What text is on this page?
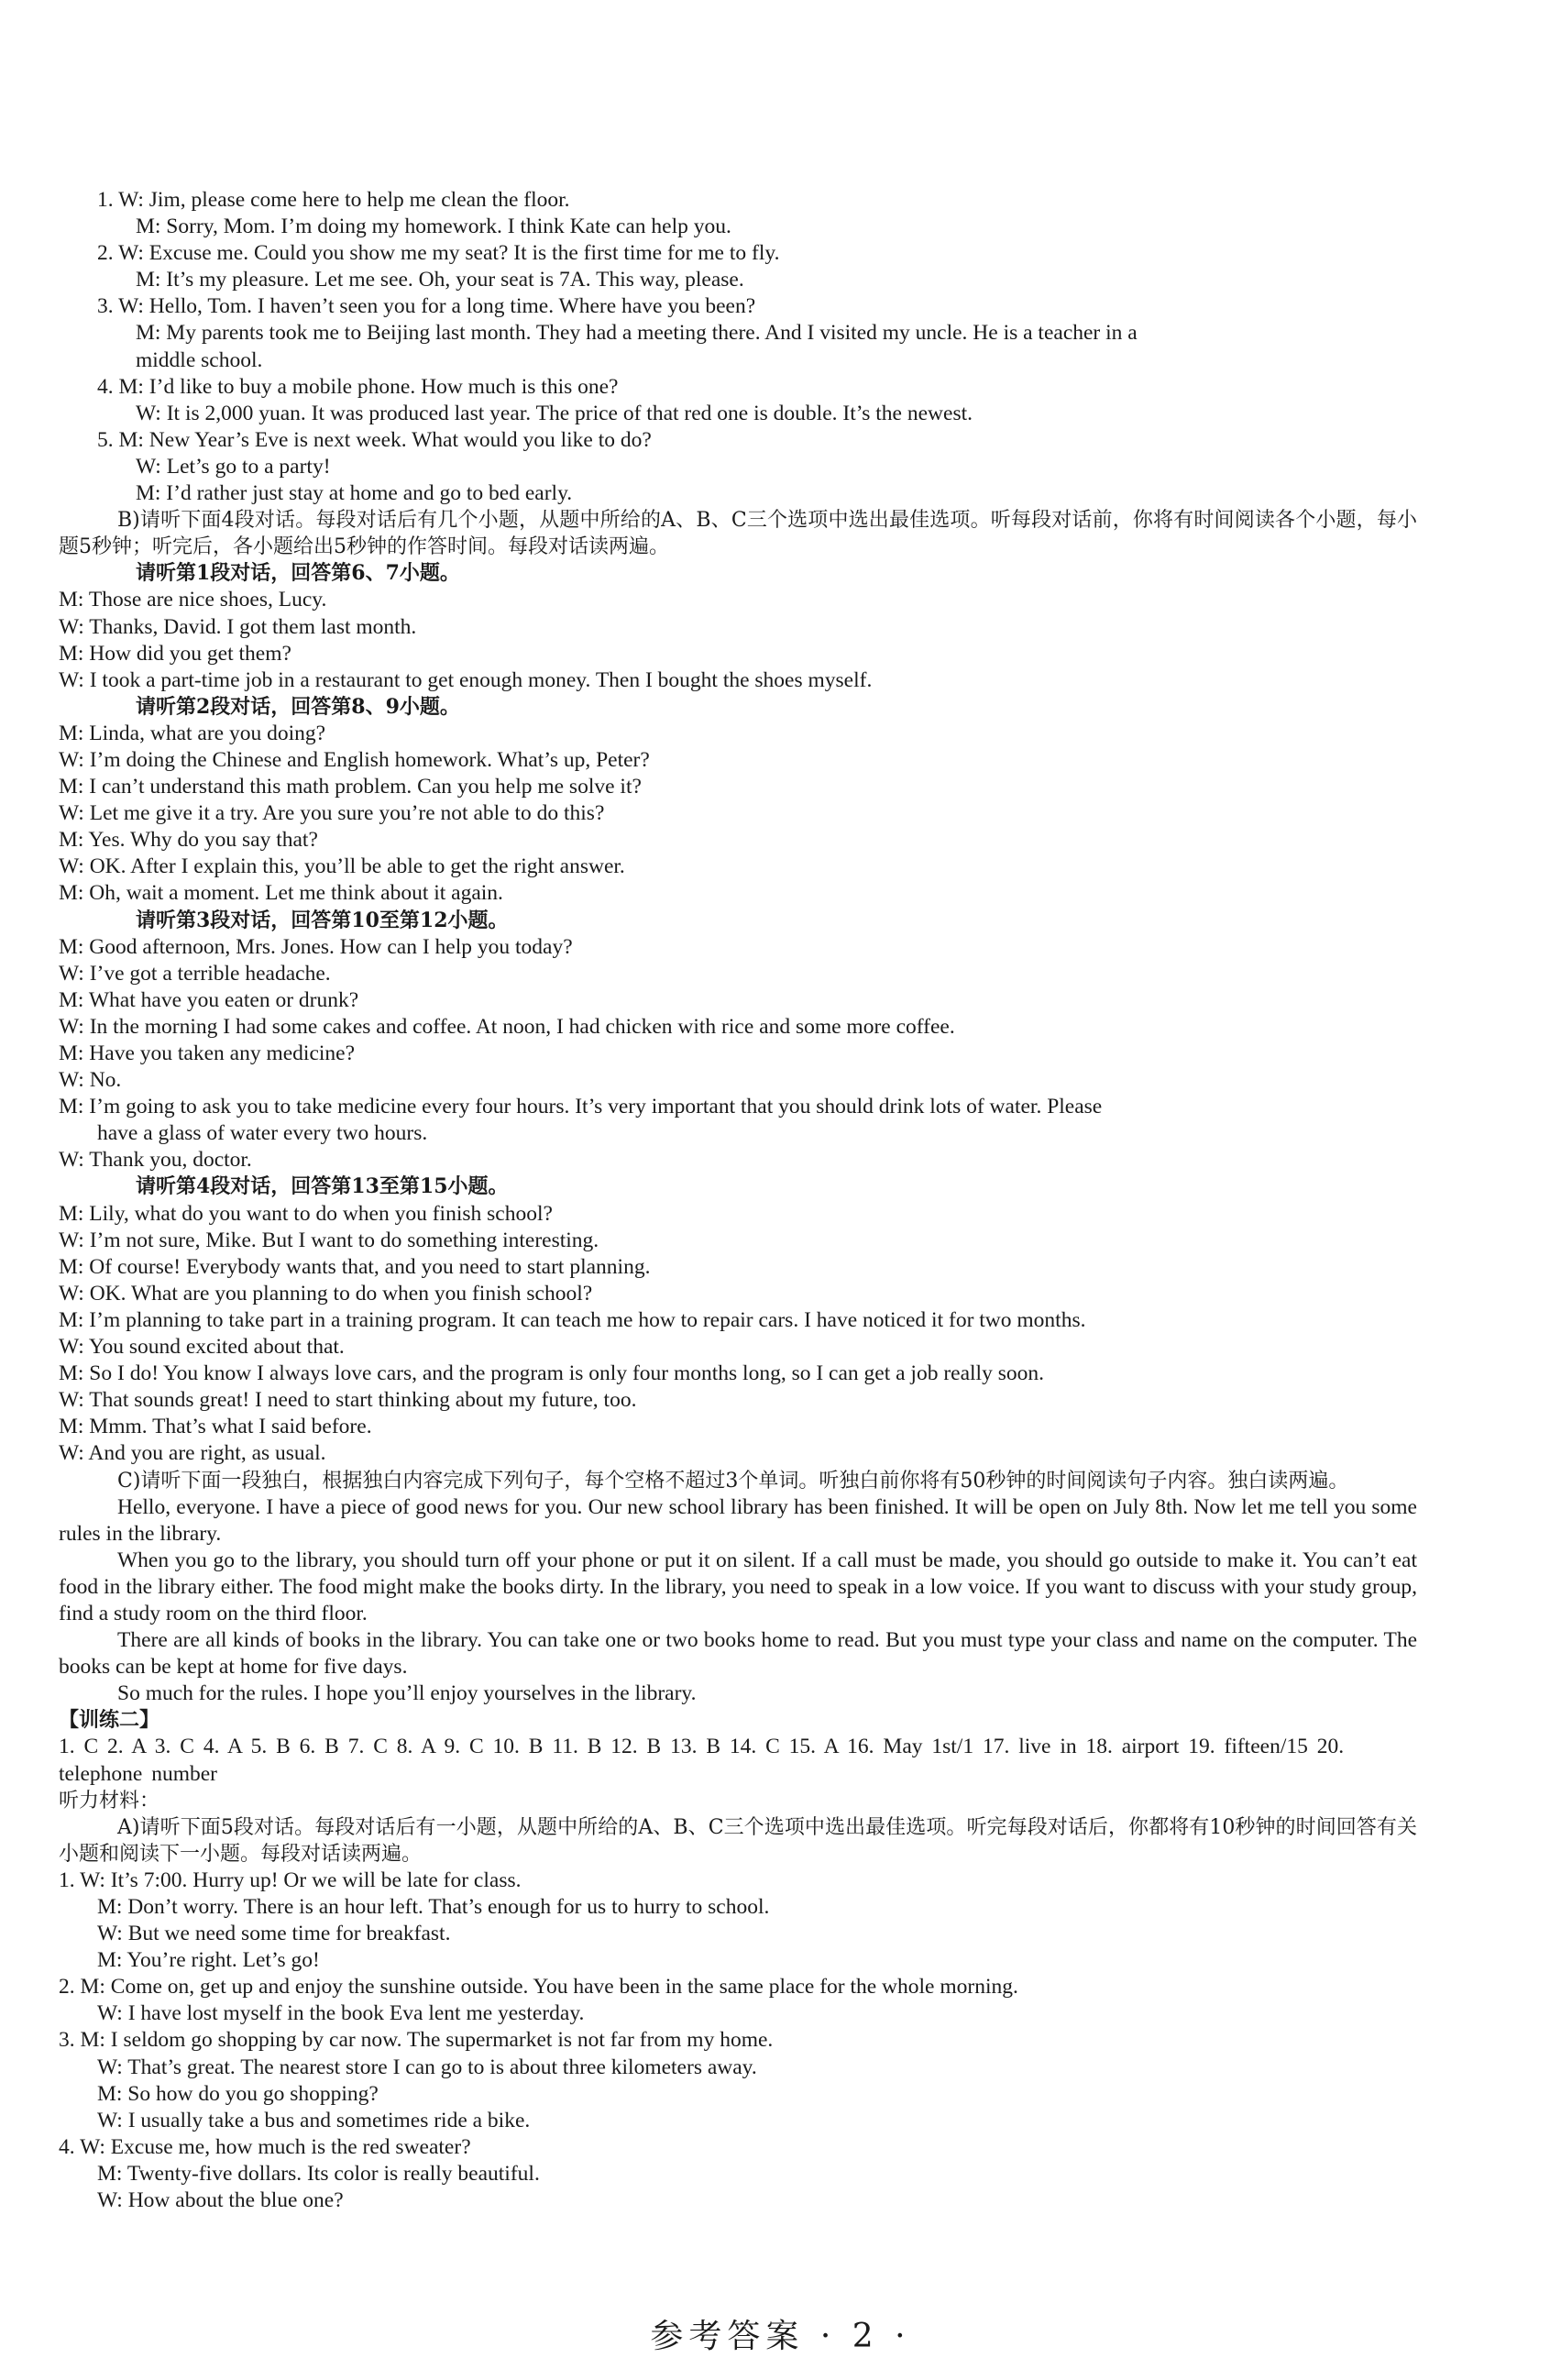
1. W: Jim, please come here to help me clean the floor.
M: Sorry, Mom. I’m doing my homework. I think Kate can help you.
2. W: Excuse me. Could you show me my seat? It is the first time for me to fly.
M: It’s my pleasure. Let me see. Oh, your seat is 7A. This way, please.
3. W: Hello, Tom. I haven’t seen you for a long time. Where have you been?
M: My parents took me to Beijing last month. They had a meeting there. And I visited my uncle. He is a teacher in a
middle school.
4. M: I’d like to buy a mobile phone. How much is this one?
W: It is 2,000 yuan. It was produced last year. The price of that red one is double. It’s the newest.
5. M: New Year’s Eve is next week. What would you like to do?
W: Let’s go to a party!
M: I’d rather just stay at home and go to bed early.
B)请听下面4段对话。每段对话后有几个小题，从题中所给的A、B、C三个选项中选出最佳选项。听每段对话前，你将有时间阅读各个小题，每小题5秒钟；听完后，各小题给出5秒钟的作答时间。每段对话读两遍。
请听第1段对话，回答第6、7小题。
M: Those are nice shoes, Lucy.
W: Thanks, David. I got them last month.
M: How did you get them?
W: I took a part-time job in a restaurant to get enough money. Then I bought the shoes myself.
请听第2段对话，回答第8、9小题。
M: Linda, what are you doing?
W: I’m doing the Chinese and English homework. What’s up, Peter?
M: I can’t understand this math problem. Can you help me solve it?
W: Let me give it a try. Are you sure you’re not able to do this?
M: Yes. Why do you say that?
W: OK. After I explain this, you’ll be able to get the right answer.
M: Oh, wait a moment. Let me think about it again.
请听第3段对话，回答第10至第12小题。
M: Good afternoon, Mrs. Jones. How can I help you today?
W: I’ve got a terrible headache.
M: What have you eaten or drunk?
W: In the morning I had some cakes and coffee. At noon, I had chicken with rice and some more coffee.
M: Have you taken any medicine?
W: No.
M: I’m going to ask you to take medicine every four hours. It’s very important that you should drink lots of water. Please
have a glass of water every two hours.
W: Thank you, doctor.
请听第4段对话，回答第13至第15小题。
M: Lily, what do you want to do when you finish school?
W: I’m not sure, Mike. But I want to do something interesting.
M: Of course! Everybody wants that, and you need to start planning.
W: OK. What are you planning to do when you finish school?
M: I’m planning to take part in a training program. It can teach me how to repair cars. I have noticed it for two months.
W: You sound excited about that.
M: So I do! You know I always love cars, and the program is only four months long, so I can get a job really soon.
W: That sounds great! I need to start thinking about my future, too.
M: Mmm. That’s what I said before.
W: And you are right, as usual.
C)请听下面一段独白，根据独白内容完成下列句子，每个空格不超过3个单词。听独白前你将有50秒钟的时间阅读句子内容。独白读两遍。
Hello, everyone. I have a piece of good news for you. Our new school library has been finished. It will be open on July 8th. Now let me tell you some rules in the library.
When you go to the library, you should turn off your phone or put it on silent. If a call must be made, you should go outside to make it. You can’t eat food in the library either. The food might make the books dirty. In the library, you need to speak in a low voice. If you want to discuss with your study group, find a study room on the third floor.
There are all kinds of books in the library. You can take one or two books home to read. But you must type your class and name on the computer. The books can be kept at home for five days.
So much for the rules. I hope you’ll enjoy yourselves in the library.
【训练二】
1. C 2. A 3. C 4. A 5. B 6. B 7. C 8. A 9. C 10. B 11. B 12. B 13. B 14. C 15. A 16. May 1st/1 17. live in 18. airport 19. fifteen/15 20. telephone number
听力材料：
A)请听下面5段对话。每段对话后有一小题，从题中所给的A、B、C三个选项中选出最佳选项。听完每段对话后，你都将有10秒钟的时间回答有关小题和阅读下一小题。每段对话读两遍。
1. W: It’s 7:00. Hurry up! Or we will be late for class.
M: Don’t worry. There is an hour left. That’s enough for us to hurry to school.
W: But we need some time for breakfast.
M: You’re right. Let’s go!
2. M: Come on, get up and enjoy the sunshine outside. You have been in the same place for the whole morning.
W: I have lost myself in the book Eva lent me yesterday.
3. M: I seldom go shopping by car now. The supermarket is not far from my home.
W: That’s great. The nearest store I can go to is about three kilometers away.
M: So how do you go shopping?
W: I usually take a bus and sometimes ride a bike.
4. W: Excuse me, how much is the red sweater?
M: Twenty-five dollars. Its color is really beautiful.
W: How about the blue one?
参考答案 · 2 ·
